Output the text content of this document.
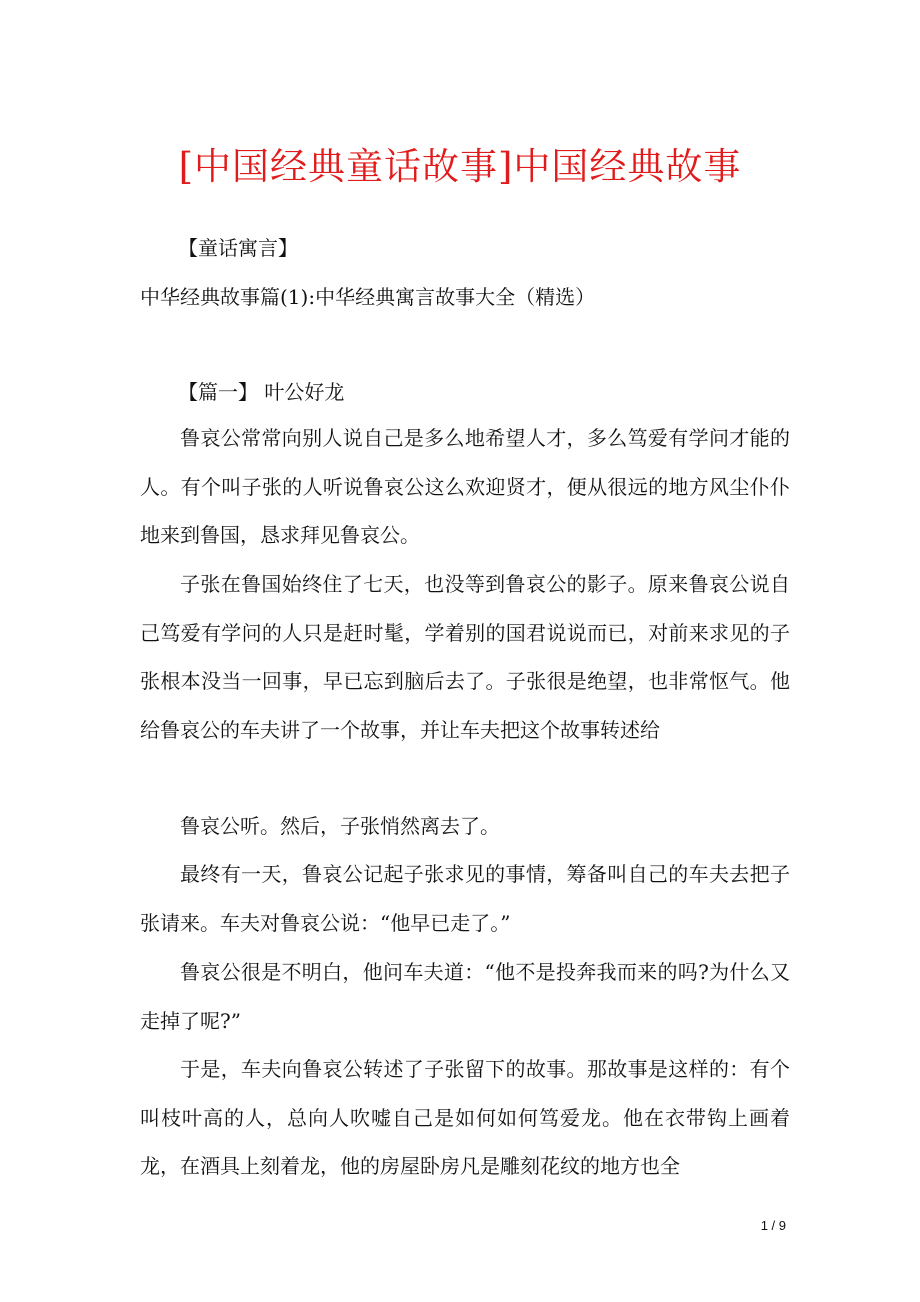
[中国经典童话故事]中国经典故事
【童话寓言】
中华经典故事篇(1):中华经典寓言故事大全（精选）
【篇一】 叶公好龙

鲁哀公常常向别人说自己是多么地希望人才，多么笃爱有学问才能的人。有个叫子张的人听说鲁哀公这么欢迎贤才，便从很远的地方风尘仆仆地来到鲁国，恳求拜见鲁哀公。

子张在鲁国始终住了七天，也没等到鲁哀公的影子。原来鲁哀公说自己笃爱有学问的人只是赶时髦，学着别的国君说说而已，对前来求见的子张根本没当一回事，早已忘到脑后去了。子张很是绝望，也非常怄气。他给鲁哀公的车夫讲了一个故事，并让车夫把这个故事转述给

鲁哀公听。然后，子张悄然离去了。

最终有一天，鲁哀公记起子张求见的事情，筹备叫自己的车夫去把子张请来。车夫对鲁哀公说：“他早已走了。”

鲁哀公很是不明白，他问车夫道：“他不是投奔我而来的吗?为什么又走掉了呢?”

于是，车夫向鲁哀公转述了子张留下的故事。那故事是这样的：有个叫枝叶高的人，总向人吹嘘自己是如何如何笃爱龙。他在衣带钩上画着龙，在酒具上刻着龙，他的房屋卧房凡是雕刻花纹的地方也全

1 / 9
